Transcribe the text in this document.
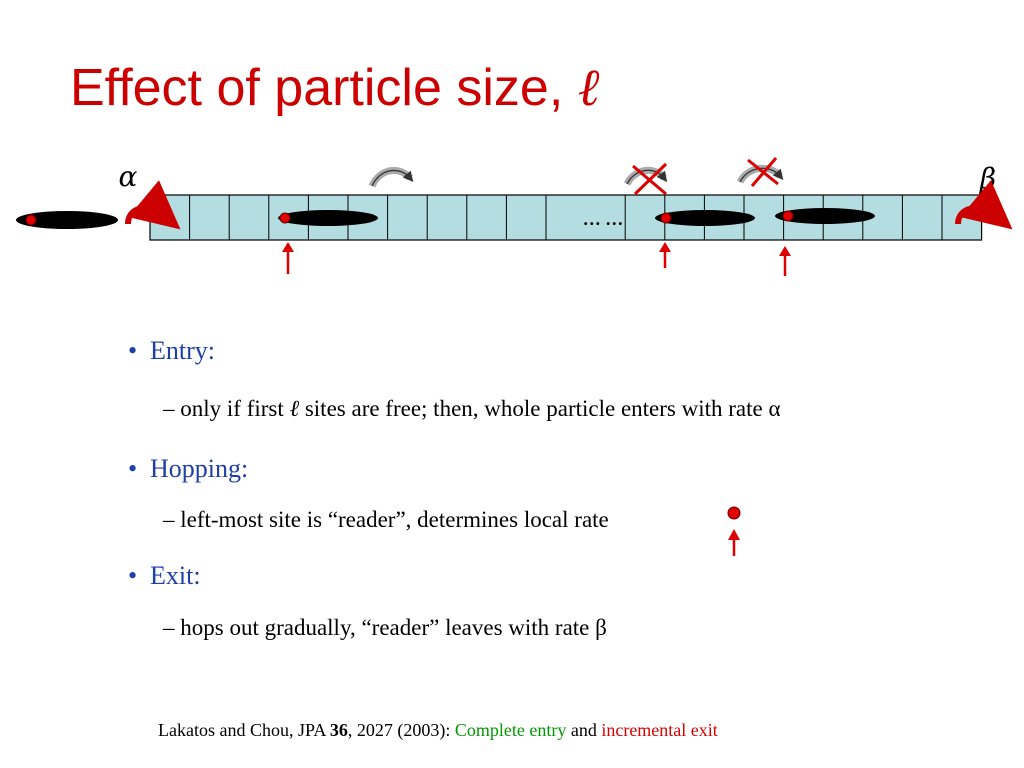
Effect of particle size, ℓ
… …
α	β
• Entry:
– only if first ℓ sites are free; then, whole particle enters with rate α
• Hopping:
– left-most site is “reader”, determines local rate
• Exit:
– hops out gradually, “reader” leaves with rate β
Lakatos and Chou, JPA 36, 2027 (2003): Complete entry and incremental exit
